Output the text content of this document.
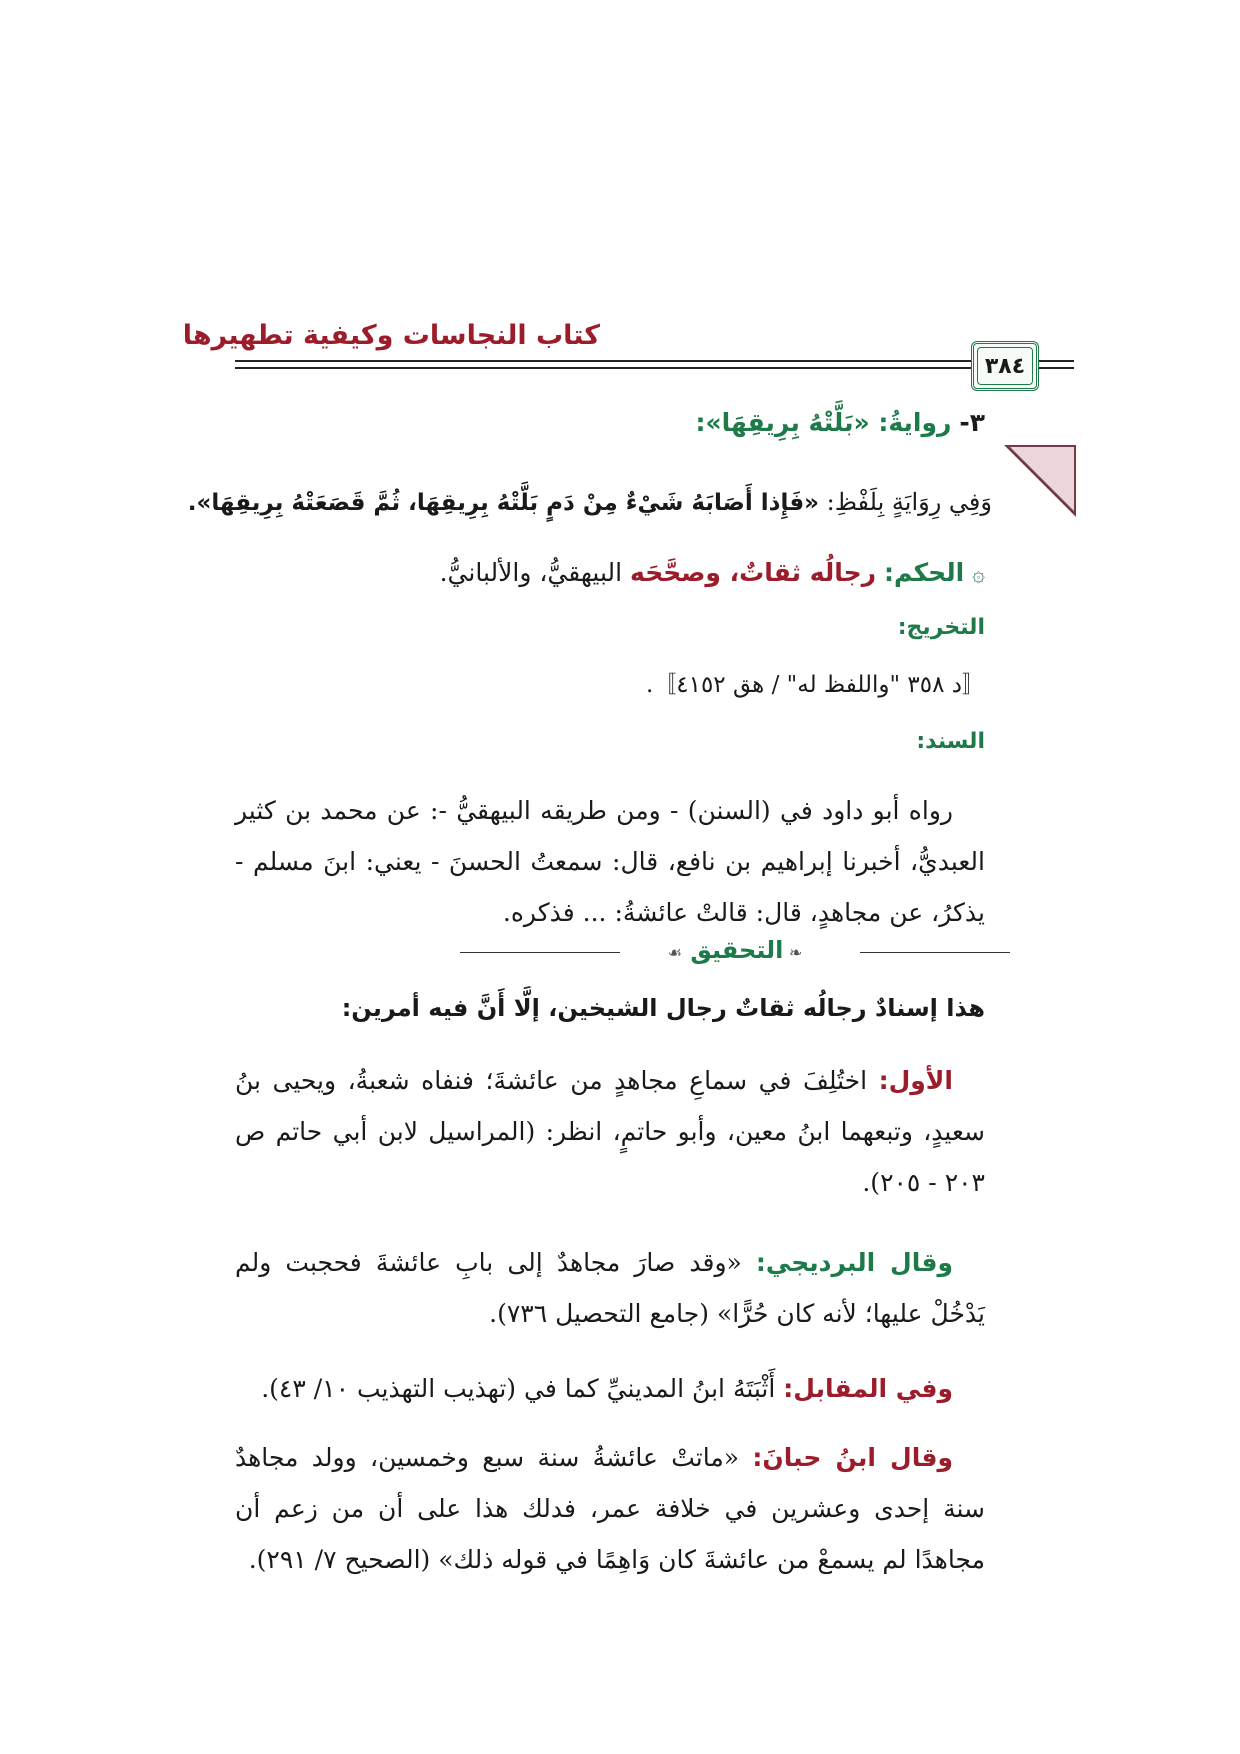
كتاب النجاسات وكيفية تطهيرها
٣٨٤
٣- روايةُ: «بَلَّتْهُ بِرِيقِهَا»:
وَفِي رِوَايَةٍ بِلَفْظِ: «فَإِذا أَصَابَهُ شَيْءٌ مِنْ دَمٍ بَلَّتْهُ بِرِيقِهَا، ثُمَّ قَصَعَتْهُ بِرِيقِهَا».
۞ الحكم: رجالُه ثقاتٌ، وصحَّحَه البيهقيُّ، والألبانيُّ.
التخريج:
〚د ٣٥٨ "واللفظ له" / هق ٤١٥٢〛.
السند:
رواه أبو داود في (السنن) - ومن طريقه البيهقيُّ -: عن محمد بن كثير العبديُّ، أخبرنا إبراهيم بن نافع، قال: سمعتُ الحسنَ - يعني: ابنَ مسلم - يذكرُ، عن مجاهدٍ، قال: قالتْ عائشةُ: ... فذكره.
❧ التحقيق ☙
هذا إسنادٌ رجالُه ثقاتٌ رجال الشيخين، إلَّا أَنَّ فيه أمرين:
الأول: اختُلِفَ في سماعِ مجاهدٍ من عائشةَ؛ فنفاه شعبةُ، ويحيى بنُ سعيدٍ، وتبعهما ابنُ معين، وأبو حاتمٍ، انظر: (المراسيل لابن أبي حاتم ص ٢٠٣ - ٢٠٥).
وقال البرديجي: «وقد صارَ مجاهدٌ إلى بابِ عائشةَ فحجبت ولم يَدْخُلْ عليها؛ لأنه كان حُرًّا» (جامع التحصيل ٧٣٦).
وفي المقابل: أَثْبَتَهُ ابنُ المدينيِّ كما في (تهذيب التهذيب ١٠/ ٤٣).
وقال ابنُ حبانَ: «ماتتْ عائشةُ سنة سبع وخمسين، وولد مجاهدٌ سنة إحدى وعشرين في خلافة عمر، فدلك هذا على أن من زعم أن مجاهدًا لم يسمعْ من عائشةَ كان وَاهِمًا في قوله ذلك» (الصحيح ٧/ ٢٩١).
